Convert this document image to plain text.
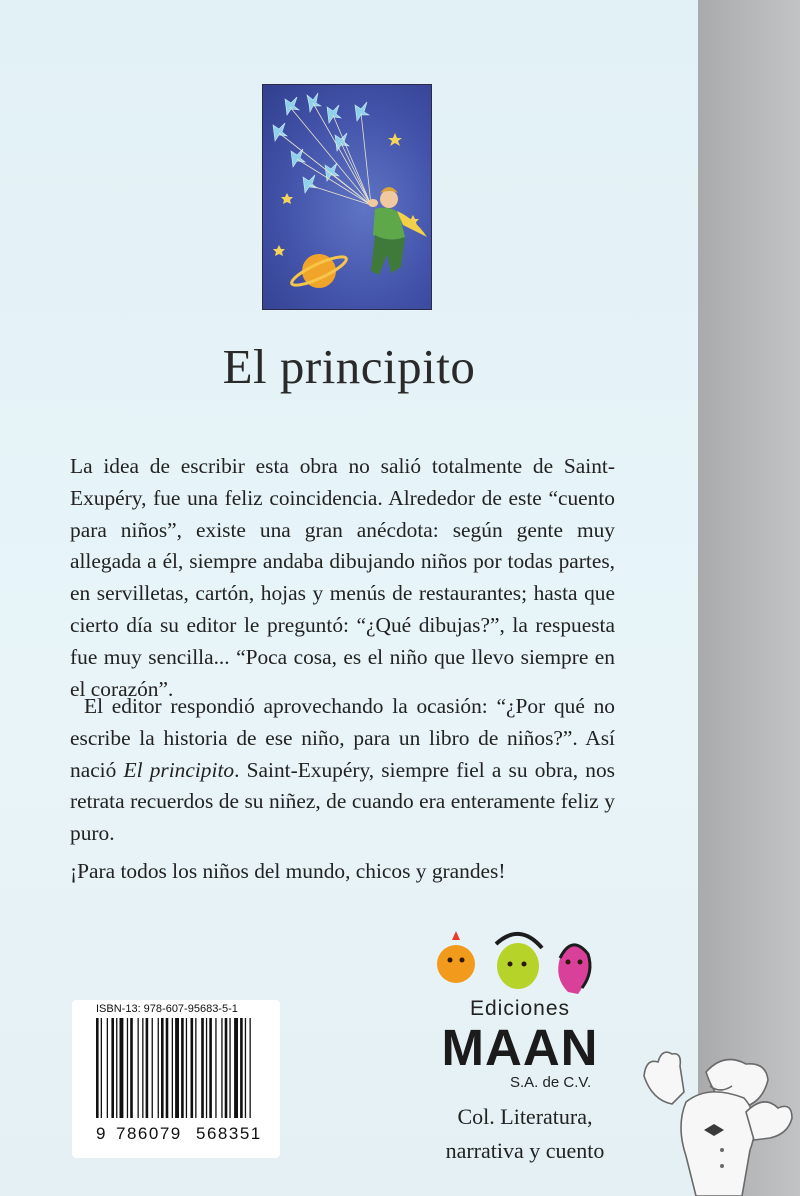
El principito

La idea de escribir esta obra no salió totalmente de Saint-Exupéry, fue una feliz coincidencia. Alrededor de este “cuento para niños”, existe una gran anécdota: según gente muy allegada a él, siempre andaba dibujando niños por todas partes, en servilletas, cartón, hojas y menús de restaurantes; hasta que cierto día su editor le preguntó: “¿Qué dibujas?”, la respuesta fue muy sencilla... “Poca cosa, es el niño que llevo siempre en el corazón”.

El editor respondió aprovechando la ocasión: “¿Por qué no escribe la historia de ese niño, para un libro de niños?”. Así nació El principito. Saint-Exupéry, siempre fiel a su obra, nos retrata recuerdos de su niñez, de cuando era enteramente feliz y puro.

¡Para todos los niños del mundo, chicos y grandes!

ISBN-13: 978-607-95683-5-1
9 786079 568351
Ediciones
MAAN
S.A. de C.V.
Col. Literatura,
narrativa y cuento
